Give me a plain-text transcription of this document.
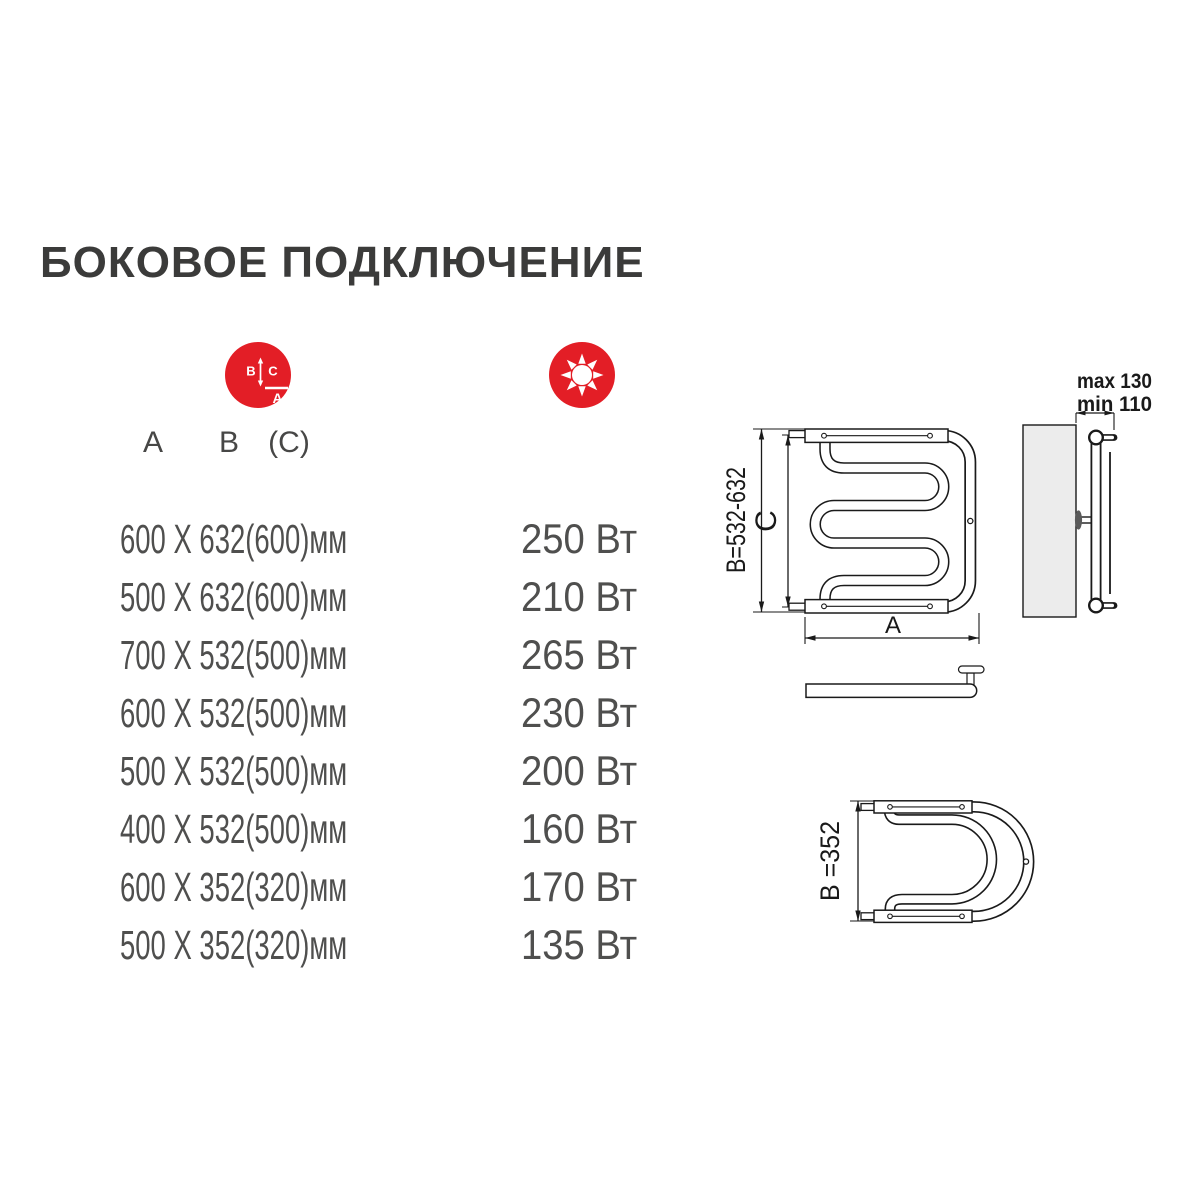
БОКОВОЕ ПОДКЛЮЧЕНИЕ
B C
A
A B (C)
600 X 632(600)мм	250 Вт
500 X 632(600)мм	210 Вт
700 X 532(500)мм	265 Вт
600 X 532(500)мм	230 Вт
500 X 532(500)мм	200 Вт
400 X 532(500)мм	160 Вт
600 X 352(320)мм	170 Вт
500 X 352(320)мм	135 Вт
B=532-632 C
A
max 130
min 110
B =352
